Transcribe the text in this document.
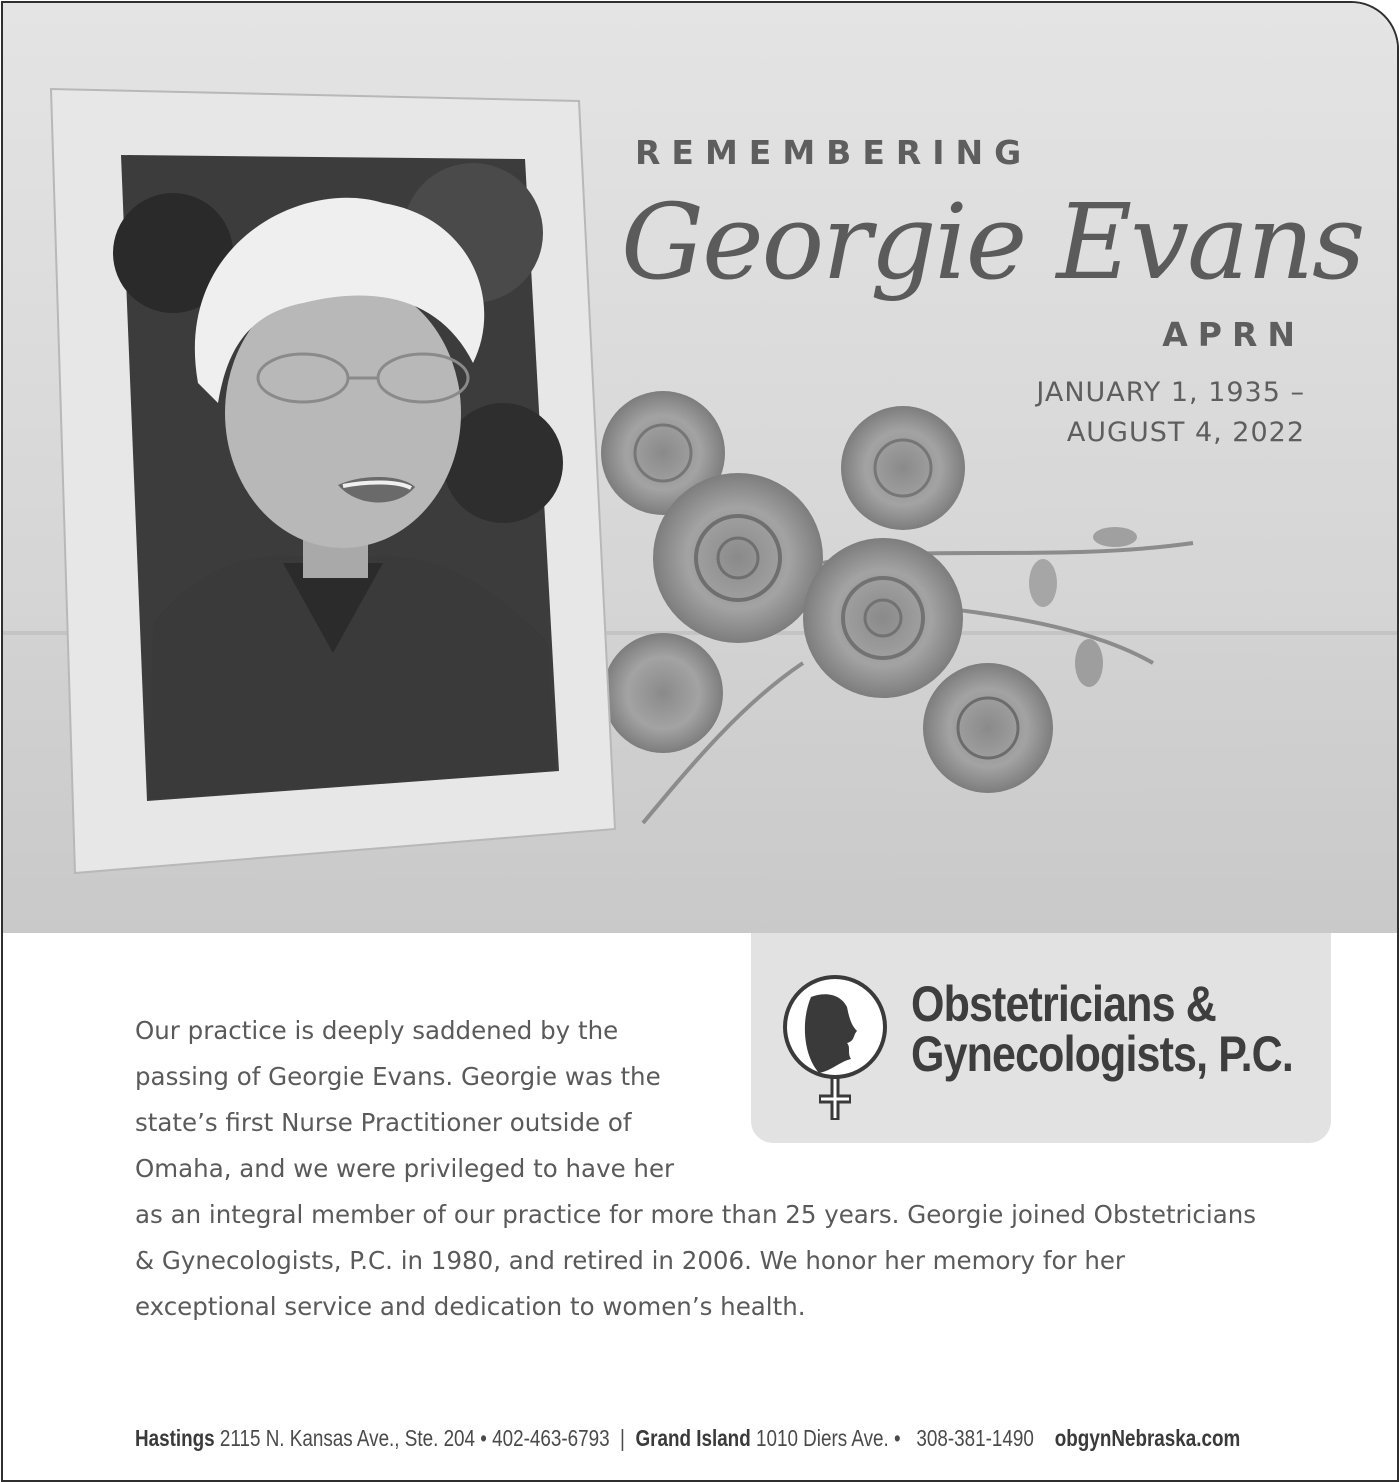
REMEMBERING
Georgie Evans
APRN
JANUARY 1, 1935 –
AUGUST 4, 2022
Obstetricians &
Gynecologists, P.C.
Our practice is deeply saddened by the passing of Georgie Evans. Georgie was the state’s first Nurse Practitioner outside of Omaha, and we were privileged to have her as an integral member of our practice for more than 25 years. Georgie joined Obstetricians & Gynecologists, P.C. in 1980, and retired in 2006. We honor her memory for her exceptional service and dedication to women’s health.
Hastings 2115 N. Kansas Ave., Ste. 204 • 402-463-6793  |  Grand Island 1010 Diers Ave. •   308-381-1490 obgynNebraska.com
